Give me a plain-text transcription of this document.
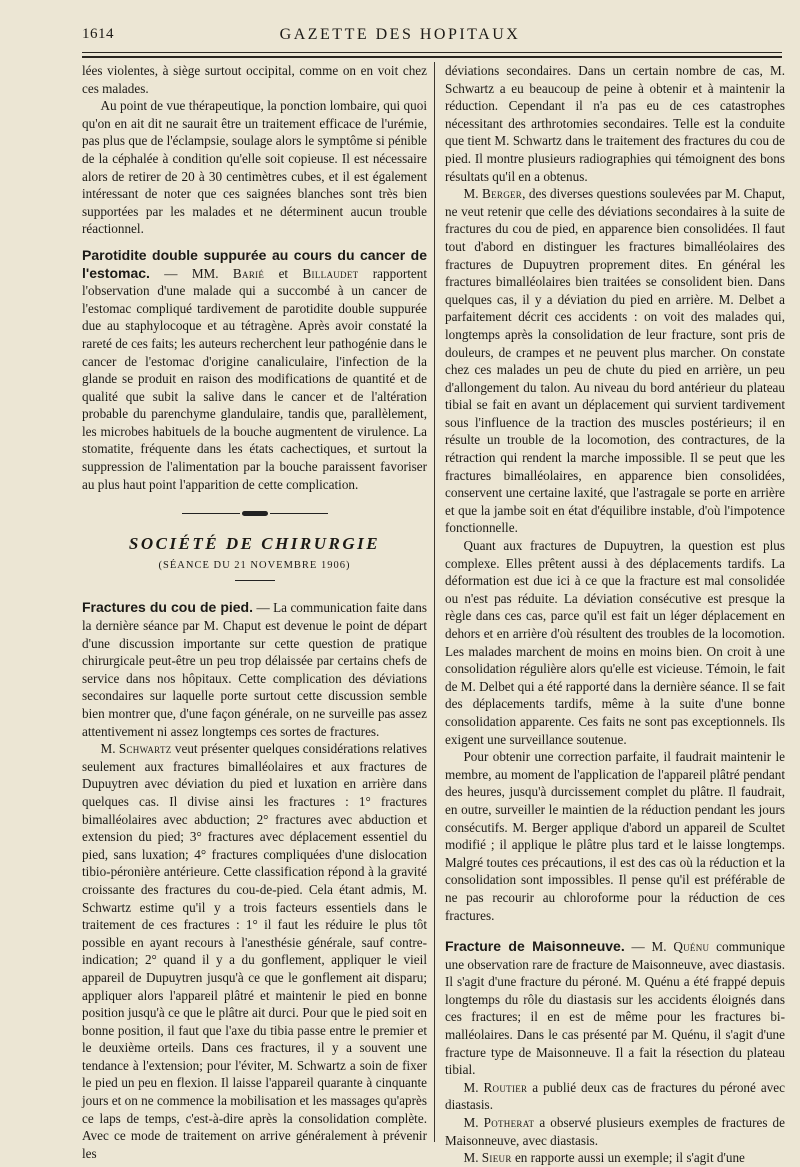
GAZETTE DES HOPITAUX
1614

lées violentes, à siège surtout occipital, comme on en voit chez ces malades.

Au point de vue thérapeutique, la ponction lombaire, qui quoi qu'on en ait dit ne saurait être un traitement efficace de l'urémie, pas plus que de l'éclampsie, soulage alors le symptôme si pénible de la céphalée à condition qu'elle soit copieuse. Il est nécessaire alors de retirer de 20 à 30 centimètres cubes, et il est également intéressant de noter que ces saignées blanches sont très bien supportées par les malades et ne déterminent aucun trouble réactionnel.

Parotidite double suppurée au cours du cancer de l'estomac. — MM. Barié et Billaudet rapportent l'observation d'une malade qui a succombé à un cancer de l'estomac compliqué tardivement de parotidite double suppurée due au staphylocoque et au tétragène. Après avoir constaté la rareté de ces faits; les auteurs recherchent leur pathogénie dans le cancer de l'estomac d'origine canaliculaire, l'infection de la glande se produit en raison des modifications de quantité et de qualité que subit la salive dans le cancer et de l'altération probable du parenchyme glandulaire, tandis que, parallèlement, les microbes habituels de la bouche augmentent de virulence. La stomatite, fréquente dans les états cachectiques, et surtout la suppression de l'alimentation par la bouche paraissent favoriser au plus haut point l'apparition de cette complication.

SOCIÉTÉ DE CHIRURGIE
(SÉANCE DU 21 NOVEMBRE 1906)

Fractures du cou de pied. — La communication faite dans la dernière séance par M. Chaput est devenue le point de départ d'une discussion importante sur cette question de pratique chirurgicale peut-être un peu trop délaissée par certains chefs de service dans nos hôpitaux. Cette complication des déviations secondaires sur laquelle porte surtout cette discussion semble bien montrer que, d'une façon générale, on ne surveille pas assez attentivement ni assez longtemps ces sortes de fractures.

M. Schwartz veut présenter quelques considérations relatives seulement aux fractures bimalléolaires et aux fractures de Dupuytren avec déviation du pied et luxation en arrière dans quelques cas. Il divise ainsi les fractures : 1° fractures bimalléolaires avec abduction; 2° fractures avec abduction et extension du pied; 3° fractures avec déplacement essentiel du pied, sans luxation; 4° fractures compliquées d'une dislocation tibio-péronière antérieure. Cette classification répond à la gravité croissante des fractures du cou-de-pied. Cela étant admis, M. Schwartz estime qu'il y a trois facteurs essentiels dans le traitement de ces fractures : 1° il faut les réduire le plus tôt possible en ayant recours à l'anesthésie générale, sauf contre-indication; 2° quand il y a du gonflement, appliquer le vieil appareil de Dupuytren jusqu'à ce que le gonflement ait disparu; appliquer alors l'appareil plâtré et maintenir le pied en bonne position jusqu'à ce que le plâtre ait durci. Pour que le pied soit en bonne position, il faut que l'axe du tibia passe entre le premier et le deuxième orteils. Dans ces fractures, il y a souvent une tendance à l'extension; pour l'éviter, M. Schwartz a soin de fixer le pied un peu en flexion. Il laisse l'appareil quarante à cinquante jours et on ne commence la mobilisation et les massages qu'après ce laps de temps, c'est-à-dire après la consolidation complète. Avec ce mode de traitement on arrive généralement à prévenir les

déviations secondaires. Dans un certain nombre de cas, M. Schwartz a eu beaucoup de peine à obtenir et à maintenir la réduction. Cependant il n'a pas eu de ces catastrophes nécessitant des arthrotomies secondaires. Telle est la conduite que tient M. Schwartz dans le traitement des fractures du cou de pied. Il montre plusieurs radiographies qui témoignent des bons résultats qu'il en a obtenus.

M. Berger, des diverses questions soulevées par M. Chaput, ne veut retenir que celle des déviations secondaires à la suite de fractures du cou de pied, en apparence bien consolidées. Il faut tout d'abord en distinguer les fractures bimalléolaires des fractures de Dupuytren proprement dites. En général les fractures bimalléolaires bien traitées se consolident bien. Dans quelques cas, il y a déviation du pied en arrière. M. Delbet a parfaitement décrit ces accidents : on voit des malades qui, longtemps après la consolidation de leur fracture, sont pris de douleurs, de crampes et ne peuvent plus marcher. On constate chez ces malades un peu de chute du pied en arrière, un peu d'allongement du talon. Au niveau du bord antérieur du plateau tibial se fait en avant un déplacement qui survient tardivement sous l'influence de la traction des muscles postérieurs; il en résulte un trouble de la locomotion, des contractures, de la rétraction qui rendent la marche impossible. Il se peut que les fractures bimalléolaires, en apparence bien consolidées, conservent une certaine laxité, que l'astragale se porte en arrière et que la jambe soit en état d'équilibre instable, d'où l'impotence fonctionnelle.

Quant aux fractures de Dupuytren, la question est plus complexe. Elles prêtent aussi à des déplacements tardifs. La déformation est due ici à ce que la fracture est mal consolidée ou n'est pas réduite. La déviation consécutive est presque la règle dans ces cas, parce qu'il est fait un léger déplacement en dehors et en arrière d'où résultent des troubles de la locomotion. Les malades marchent de moins en moins bien. On croit à une consolidation régulière alors qu'elle est vicieuse. Témoin, le fait de M. Delbet qui a été rapporté dans la dernière séance. Il se fait des déplacements tardifs, même à la suite d'une bonne consolidation apparente. Ces faits ne sont pas exceptionnels. Ils exigent une surveillance soutenue.

Pour obtenir une correction parfaite, il faudrait maintenir le membre, au moment de l'application de l'appareil plâtré pendant des heures, jusqu'à durcissement complet du plâtre. Il faudrait, en outre, surveiller le maintien de la réduction pendant les jours consécutifs. M. Berger applique d'abord un appareil de Scultet modifié ; il applique le plâtre plus tard et le laisse longtemps. Malgré toutes ces précautions, il est des cas où la réduction et la consolidation sont impossibles. Il pense qu'il est préférable de ne pas recourir au chloroforme pour la réduction de ces fractures.

Fracture de Maisonneuve. — M. Quénu communique une observation rare de fracture de Maisonneuve, avec diastasis. Il s'agit d'une fracture du péroné. M. Quénu a été frappé depuis longtemps du rôle du diastasis sur les accidents éloignés dans ces fractures; il en est de même pour les fractures bi-malléolaires. Dans le cas présenté par M. Quénu, il s'agit d'une fracture type de Maisonneuve. Il a fait la résection du plateau tibial.

M. Routier a publié deux cas de fractures du péroné avec diastasis.

M. Potherat a observé plusieurs exemples de fractures de Maisonneuve, avec diastasis.

M. Sieur en rapporte aussi un exemple; il s'agit d'une
